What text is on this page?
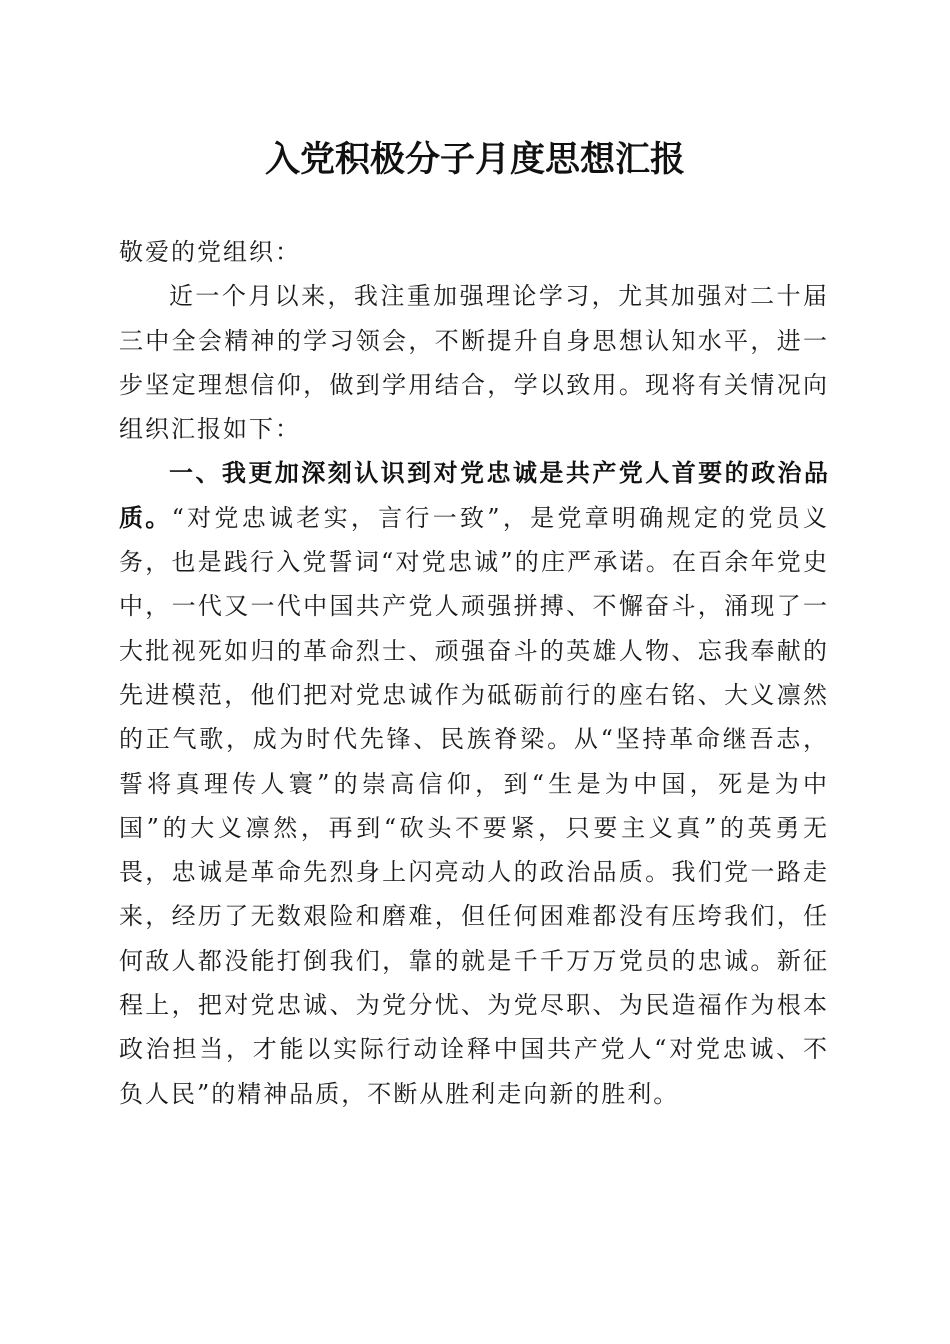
入党积极分子月度思想汇报

敬爱的党组织：

近一个月以来，我注重加强理论学习，尤其加强对二十届三中全会精神的学习领会，不断提升自身思想认知水平，进一步坚定理想信仰，做到学用结合，学以致用。现将有关情况向组织汇报如下：

一、我更加深刻认识到对党忠诚是共产党人首要的政治品质。“对党忠诚老实，言行一致”，是党章明确规定的党员义务，也是践行入党誓词“对党忠诚”的庄严承诺。在百余年党史中，一代又一代中国共产党人顽强拼搏、不懈奋斗，涌现了一大批视死如归的革命烈士、顽强奋斗的英雄人物、忘我奉献的先进模范，他们把对党忠诚作为砥砺前行的座右铭、大义凛然的正气歌，成为时代先锋、民族脊梁。从“坚持革命继吾志，誓将真理传人寰”的崇高信仰，到“生是为中国，死是为中国”的大义凛然，再到“砍头不要紧，只要主义真”的英勇无畏，忠诚是革命先烈身上闪亮动人的政治品质。我们党一路走来，经历了无数艰险和磨难，但任何困难都没有压垮我们，任何敌人都没能打倒我们，靠的就是千千万万党员的忠诚。新征程上，把对党忠诚、为党分忧、为党尽职、为民造福作为根本政治担当，才能以实际行动诠释中国共产党人“对党忠诚、不负人民”的精神品质，不断从胜利走向新的胜利。
